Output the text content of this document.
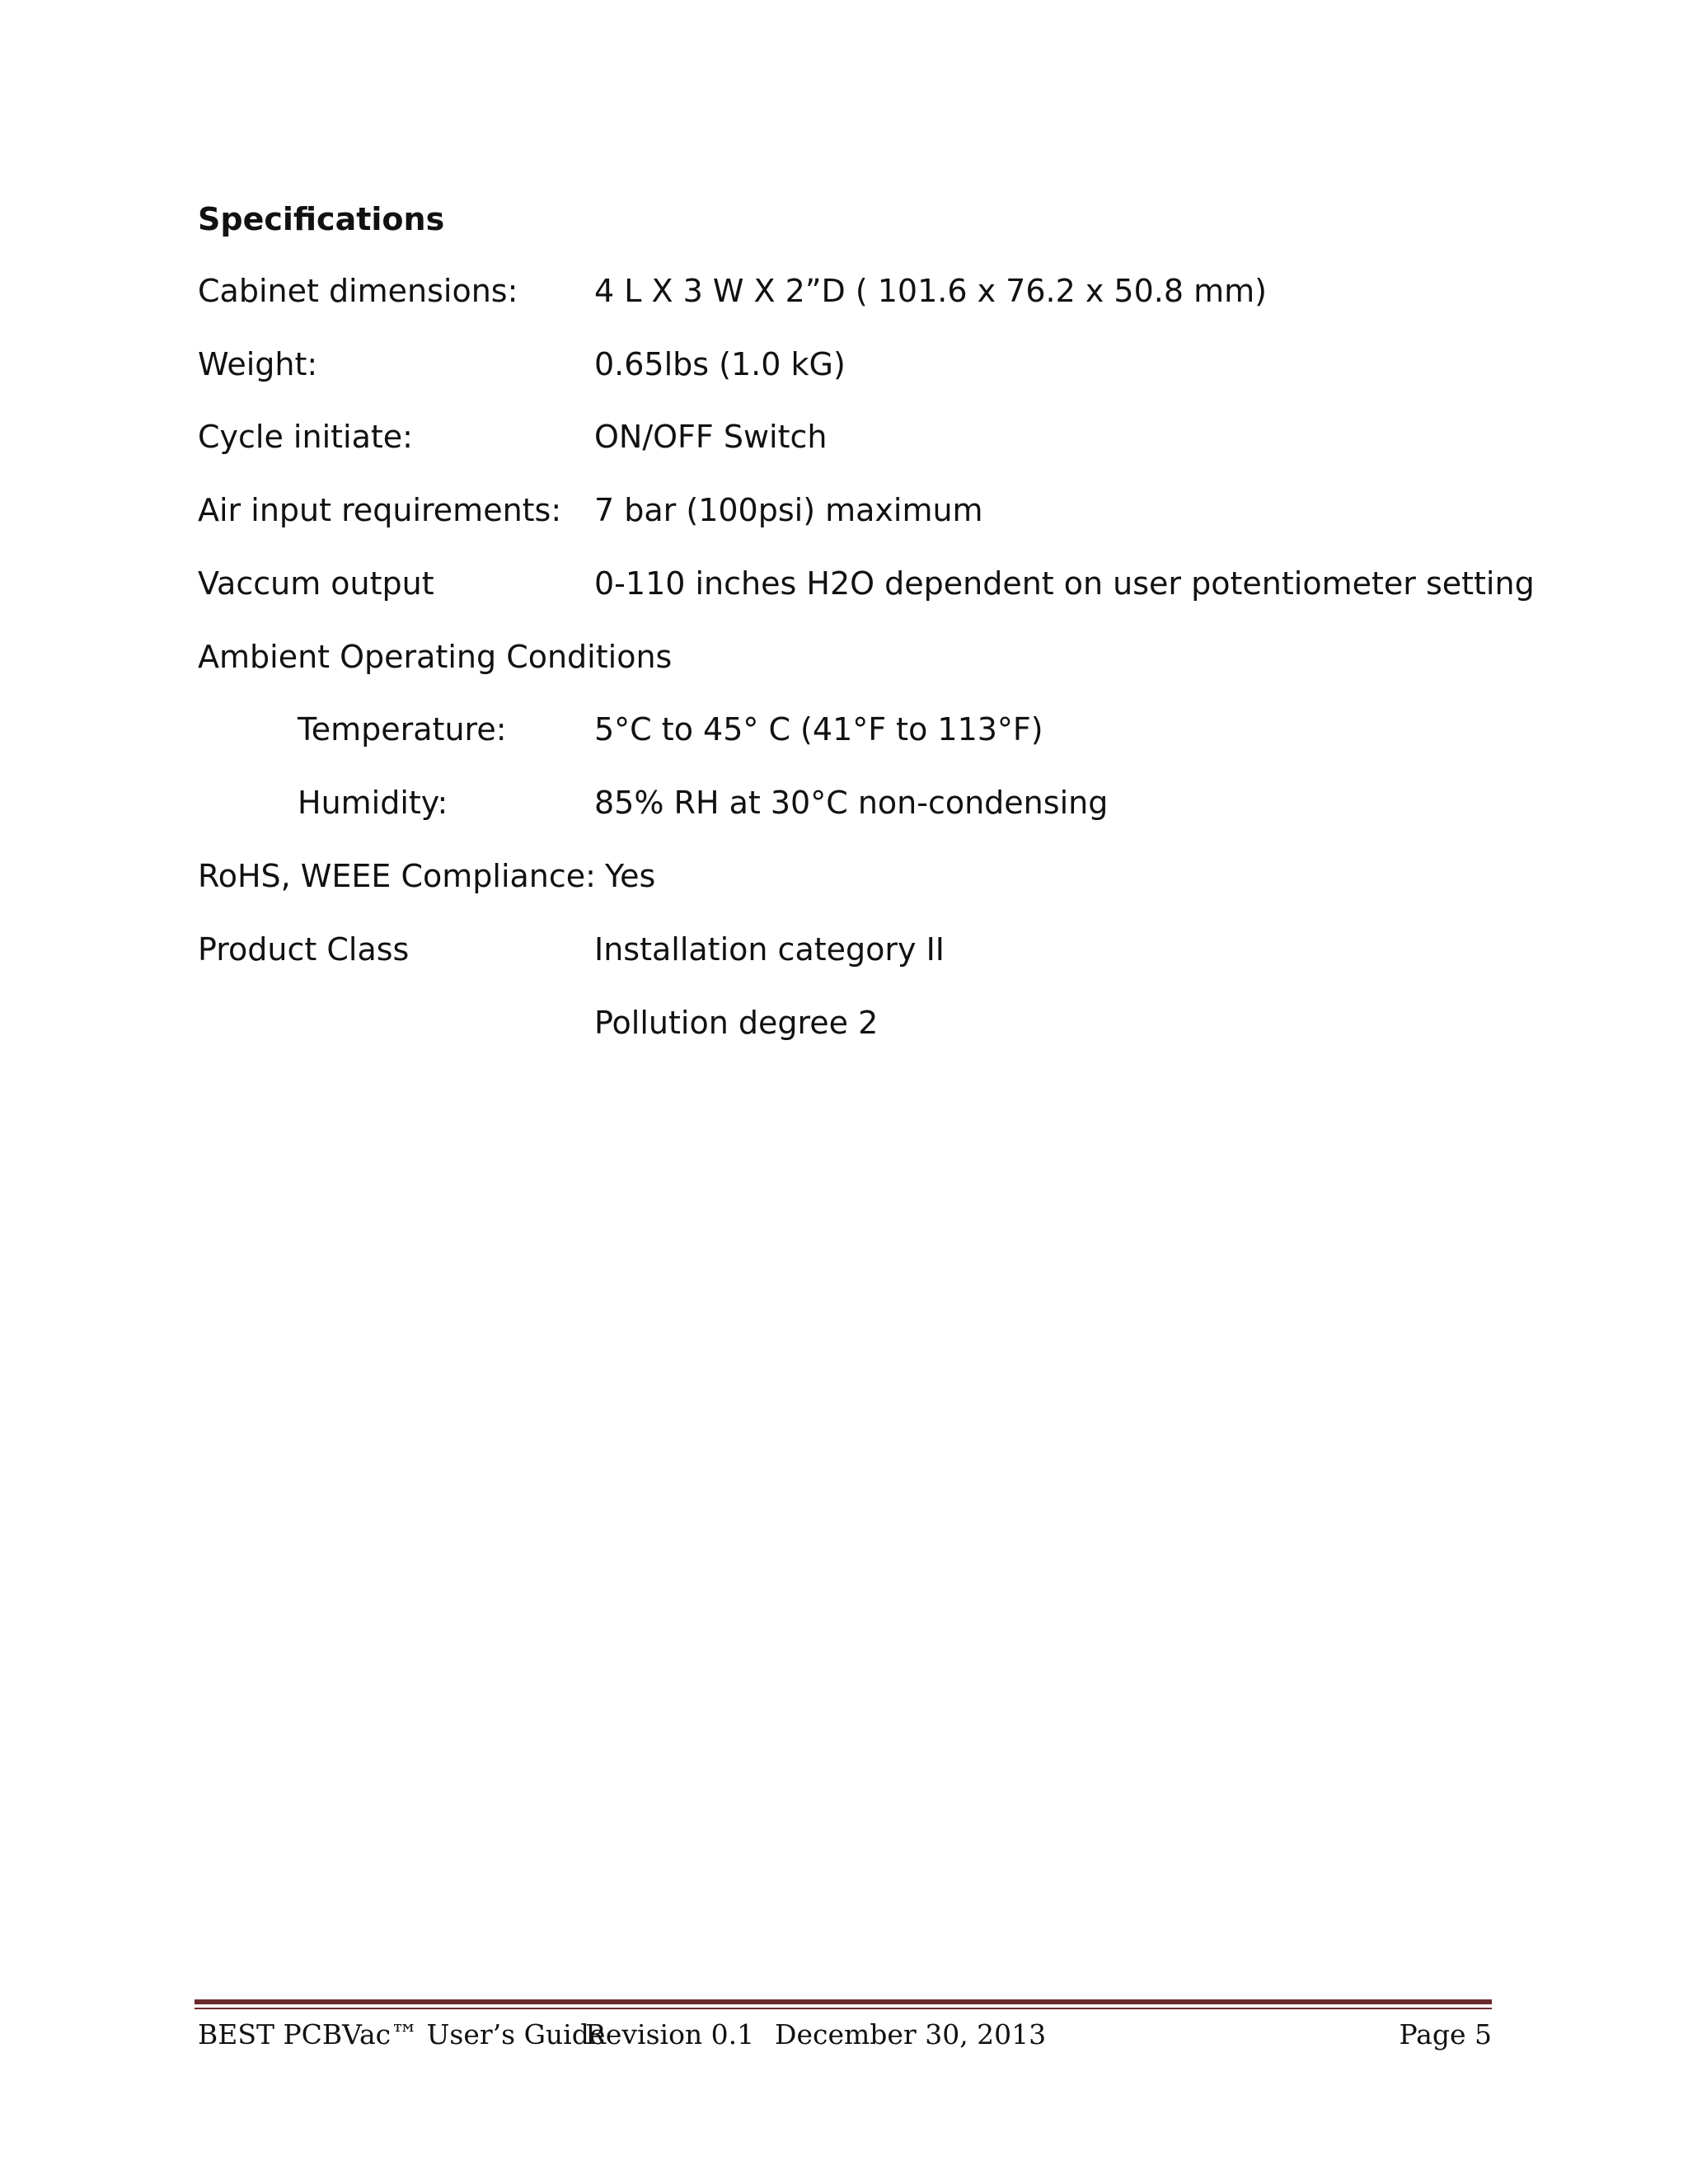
Specifications
Cabinet dimensions: 4 L X 3 W X 2”D ( 101.6 x 76.2 x 50.8 mm)
Weight:	0.65lbs (1.0 kG)
Cycle initiate:	ON/OFF Switch
Air input requirements: 7 bar (100psi) maximum
Vaccum output	0-110 inches H2O dependent on user potentiometer setting
Ambient Operating Conditions
Temperature:	5°C to 45° C (41°F to 113°F)
Humidity:	85% RH at 30°C non-condensing
RoHS, WEEE Compliance: Yes
Product Class	Installation category II
Pollution degree 2
BEST PCBVac™ User’s Guide
Revision 0.1 December 30, 2013	Page 5
